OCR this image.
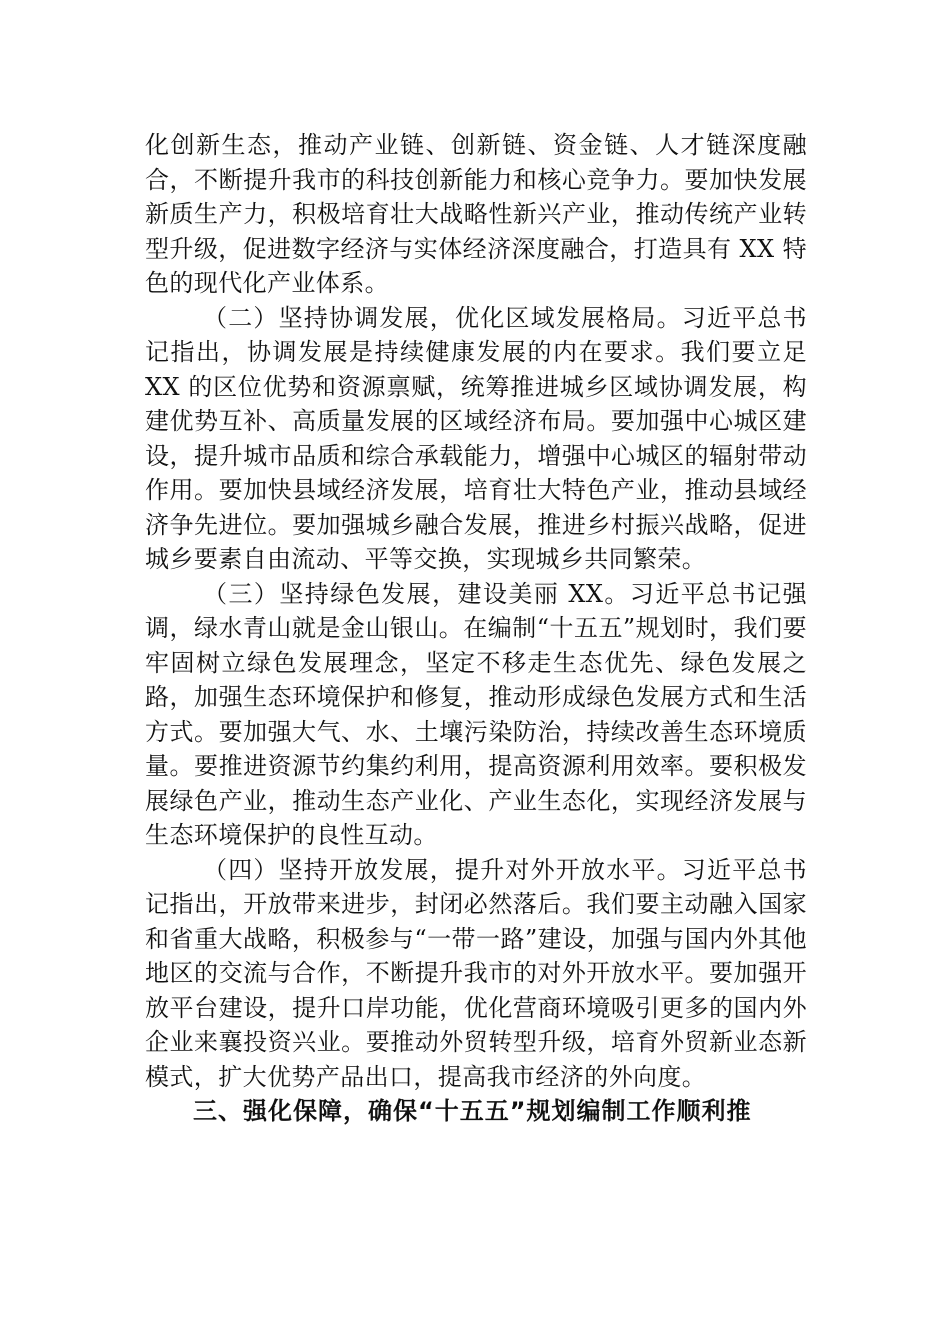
化创新生态，推动产业链、创新链、资金链、人才链深度融合，不断提升我市的科技创新能力和核心竞争力。要加快发展新质生产力，积极培育壮大战略性新兴产业，推动传统产业转型升级，促进数字经济与实体经济深度融合，打造具有 XX 特色的现代化产业体系。

（二）坚持协调发展，优化区域发展格局。习近平总书记指出，协调发展是持续健康发展的内在要求。我们要立足 XX 的区位优势和资源禀赋，统筹推进城乡区域协调发展，构建优势互补、高质量发展的区域经济布局。要加强中心城区建设，提升城市品质和综合承载能力，增强中心城区的辐射带动作用。要加快县域经济发展，培育壮大特色产业，推动县域经济争先进位。要加强城乡融合发展，推进乡村振兴战略，促进城乡要素自由流动、平等交换，实现城乡共同繁荣。

（三）坚持绿色发展，建设美丽 XX。习近平总书记强调，绿水青山就是金山银山。在编制“十五五”规划时，我们要牢固树立绿色发展理念，坚定不移走生态优先、绿色发展之路，加强生态环境保护和修复，推动形成绿色发展方式和生活方式。要加强大气、水、土壤污染防治，持续改善生态环境质量。要推进资源节约集约利用，提高资源利用效率。要积极发展绿色产业，推动生态产业化、产业生态化，实现经济发展与生态环境保护的良性互动。

（四）坚持开放发展，提升对外开放水平。习近平总书记指出，开放带来进步，封闭必然落后。我们要主动融入国家和省重大战略，积极参与“一带一路”建设，加强与国内外其他地区的交流与合作，不断提升我市的对外开放水平。要加强开放平台建设，提升口岸功能，优化营商环境吸引更多的国内外企业来襄投资兴业。要推动外贸转型升级，培育外贸新业态新模式，扩大优势产品出口，提高我市经济的外向度。

三、强化保障，确保“十五五”规划编制工作顺利推
